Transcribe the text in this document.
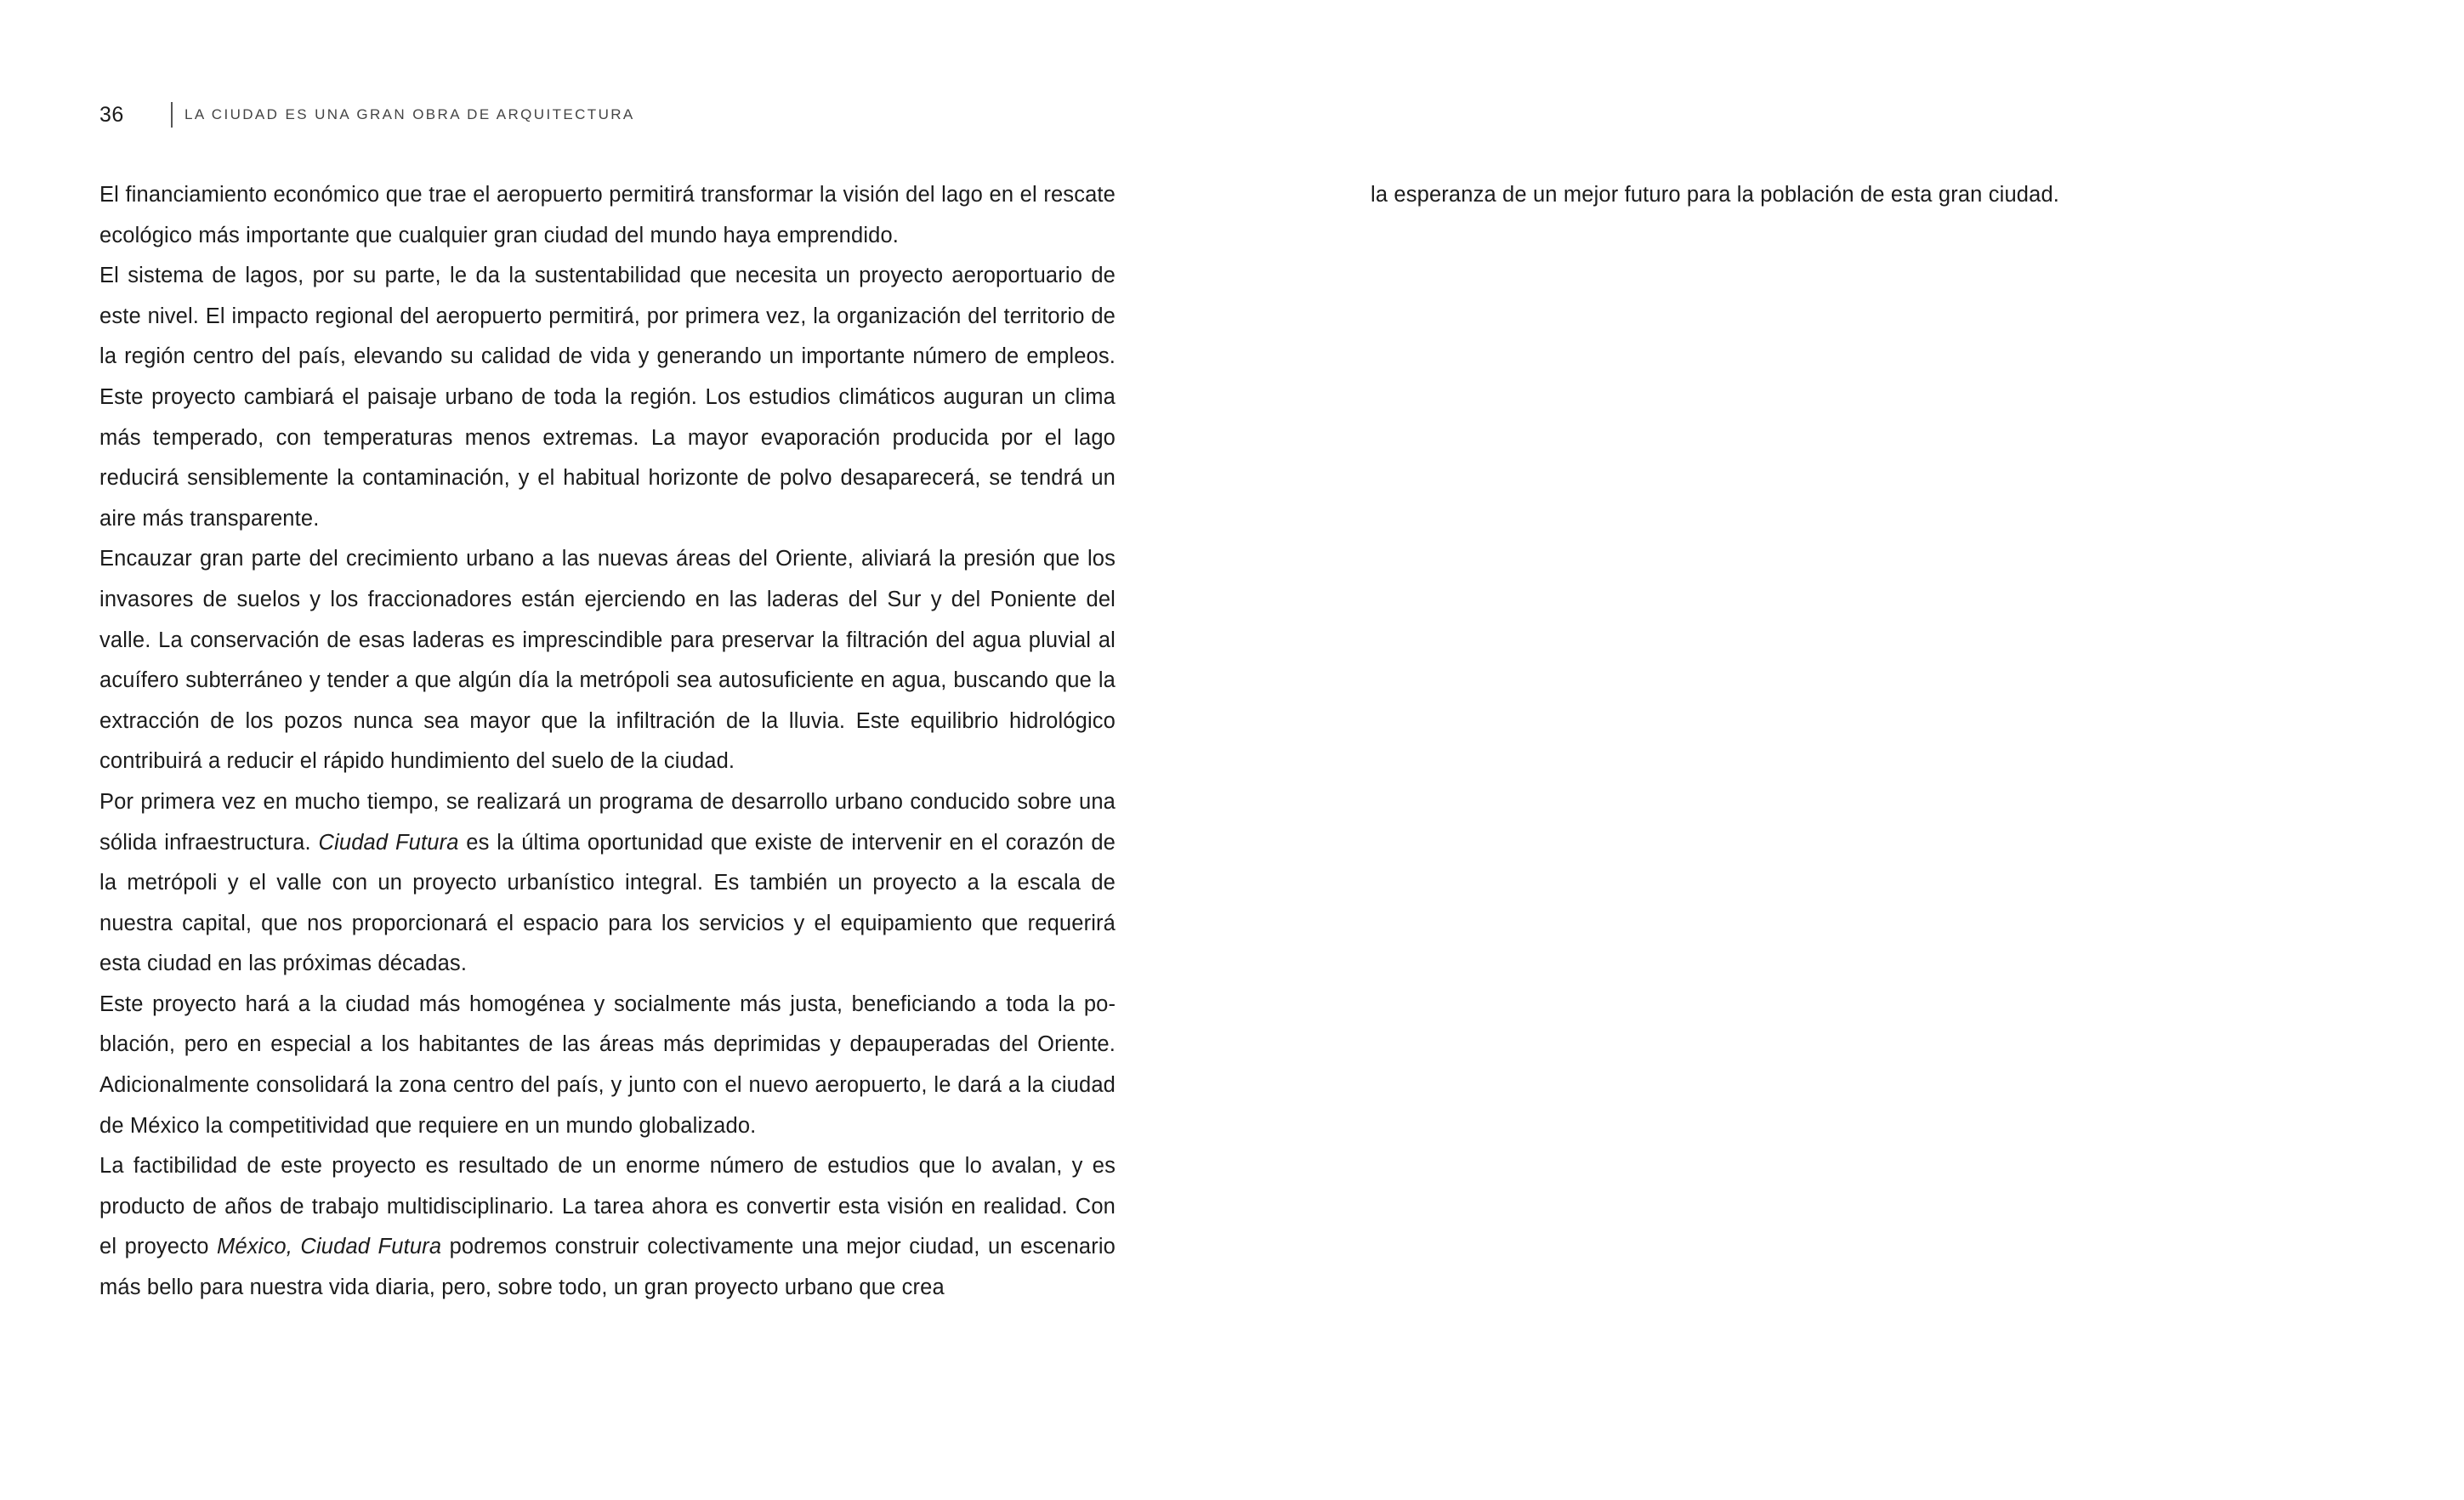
36	LA CIUDAD ES UNA GRAN OBRA DE ARQUITECTURA

El financiamiento económico que trae el aeropuerto permitirá transformar la visión del lago en el rescate ecológico más importante que cualquier gran ciudad del mundo haya emprendido.

El sistema de lagos, por su parte, le da la sustentabilidad que necesita un proyecto aeroportuario de este nivel. El impacto regional del aeropuerto permitirá, por primera vez, la organización del territorio de la región centro del país, elevando su calidad de vida y generando un importante número de empleos. Este proyecto cambiará el paisaje urbano de toda la región. Los estudios climáticos auguran un clima más temperado, con temperaturas menos extremas. La mayor evaporación producida por el lago reducirá sensiblemente la contaminación, y el habitual horizonte de polvo desaparecerá, se tendrá un aire más transparente.

Encauzar gran parte del crecimiento urbano a las nuevas áreas del Oriente, aliviará la presión que los invasores de suelos y los fraccionadores están ejerciendo en las laderas del Sur y del Poniente del valle. La conservación de esas laderas es imprescindible para preservar la filtración del agua pluvial al acuífero subterráneo y tender a que algún día la metrópoli sea autosuficiente en agua, buscando que la extracción de los pozos nunca sea mayor que la infiltración de la lluvia. Este equilibrio hidrológico contribuirá a reducir el rápido hundimiento del suelo de la ciudad.

Por primera vez en mucho tiempo, se realizará un programa de desarrollo urbano conducido sobre una sólida infraestructura. Ciudad Futura es la última oportunidad que existe de intervenir en el corazón de la metrópoli y el valle con un proyecto urbanístico integral. Es también un proyecto a la escala de nuestra capital, que nos proporcionará el espacio para los servicios y el equipamiento que requerirá esta ciudad en las próximas décadas.

Este proyecto hará a la ciudad más homogénea y socialmente más justa, beneficiando a toda la población, pero en especial a los habitantes de las áreas más deprimidas y depauperadas del Oriente. Adicionalmente consolidará la zona centro del país, y junto con el nuevo aeropuerto, le dará a la ciudad de México la competitividad que requiere en un mundo globalizado.

La factibilidad de este proyecto es resultado de un enorme número de estudios que lo avalan, y es producto de años de trabajo multidisciplinario. La tarea ahora es convertir esta visión en realidad. Con el proyecto México, Ciudad Futura podremos construir colectivamente una mejor ciudad, un escenario más bello para nuestra vida diaria, pero, sobre todo, un gran proyecto urbano que crea

la esperanza de un mejor futuro para la población de esta gran ciudad.
